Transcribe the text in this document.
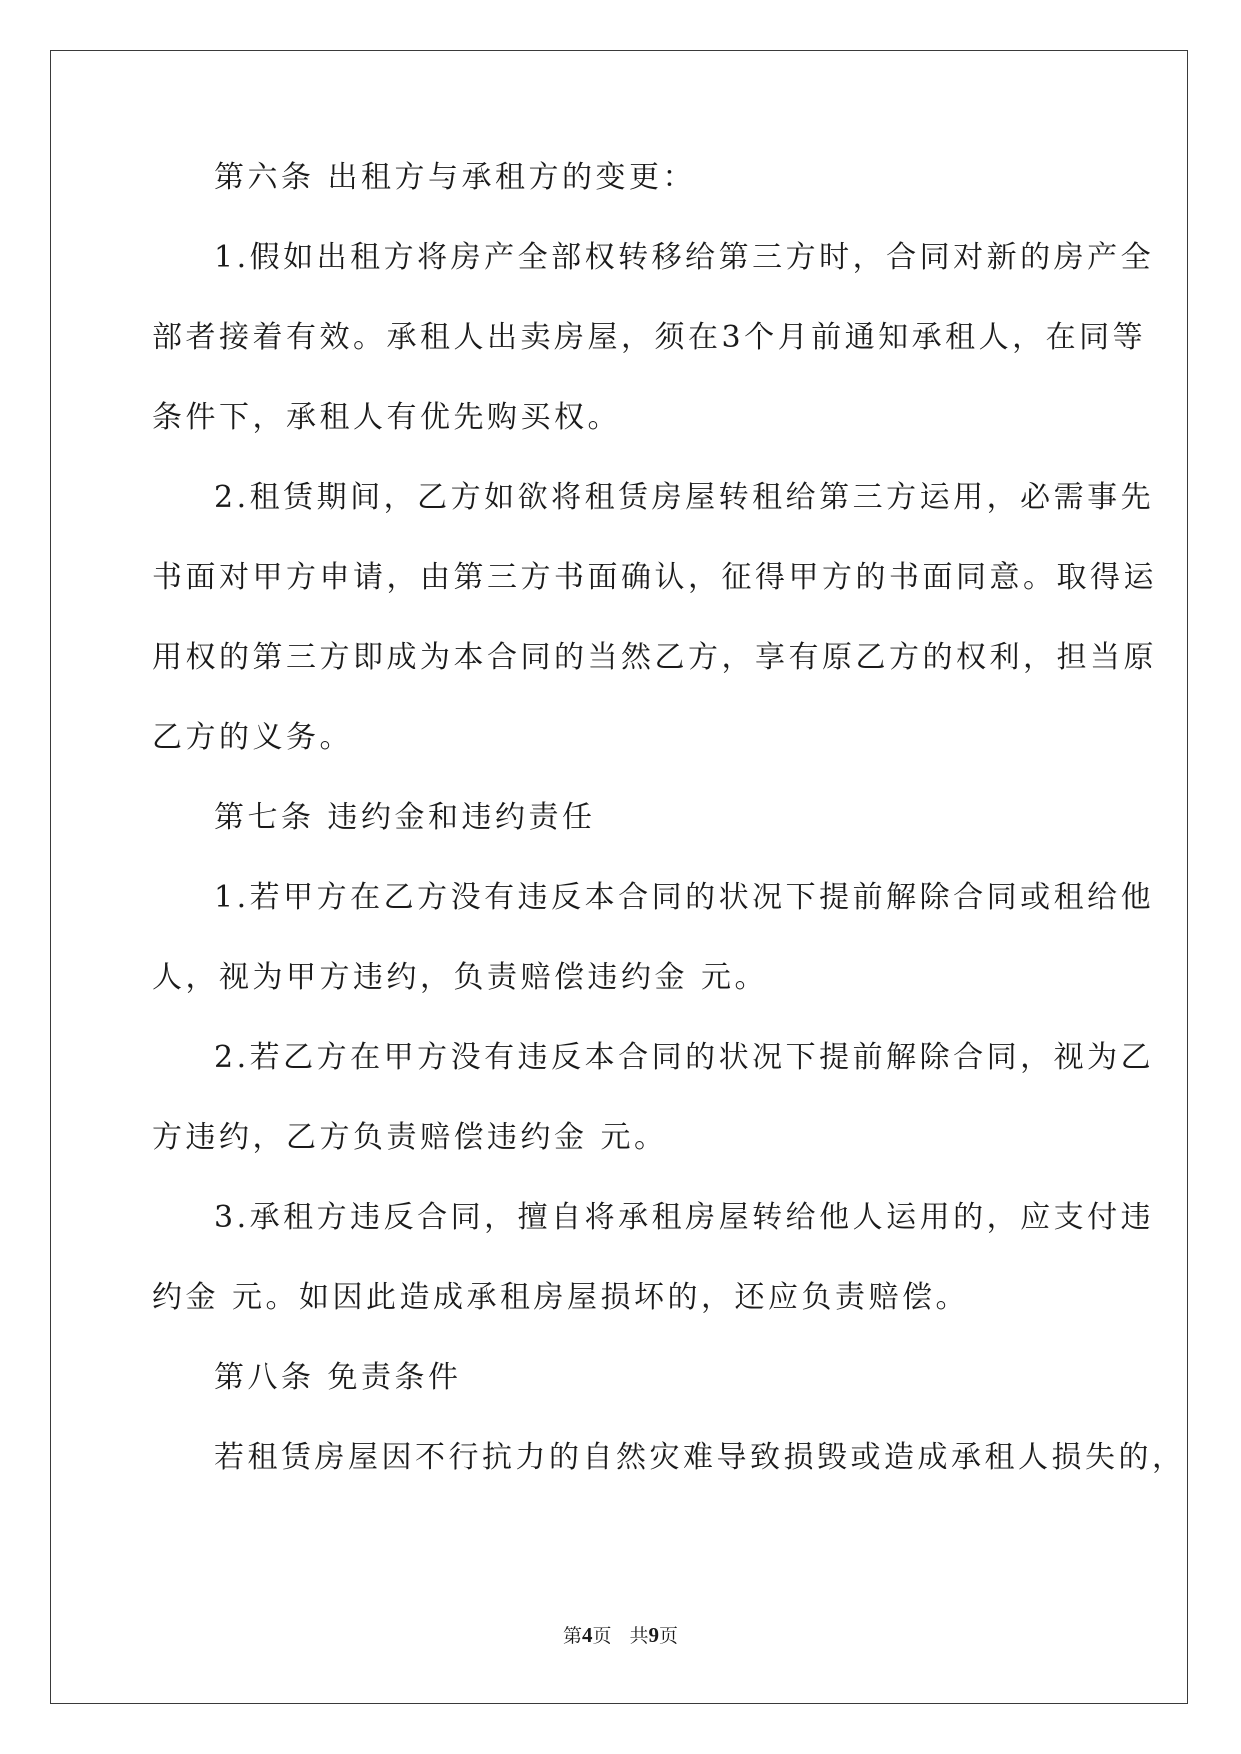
第六条 出租方与承租方的变更：
1.假如出租方将房产全部权转移给第三方时，合同对新的房产全
部者接着有效。承租人出卖房屋，须在3个月前通知承租人，在同等
条件下，承租人有优先购买权。
2.租赁期间，乙方如欲将租赁房屋转租给第三方运用，必需事先
书面对甲方申请，由第三方书面确认，征得甲方的书面同意。取得运
用权的第三方即成为本合同的当然乙方，享有原乙方的权利，担当原
乙方的义务。
第七条 违约金和违约责任
1.若甲方在乙方没有违反本合同的状况下提前解除合同或租给他
人，视为甲方违约，负责赔偿违约金 元。
2.若乙方在甲方没有违反本合同的状况下提前解除合同，视为乙
方违约，乙方负责赔偿违约金 元。
3.承租方违反合同，擅自将承租房屋转给他人运用的，应支付违
约金 元。如因此造成承租房屋损坏的，还应负责赔偿。
第八条 免责条件
若租赁房屋因不行抗力的自然灾难导致损毁或造成承租人损失的，
第4页 共9页
